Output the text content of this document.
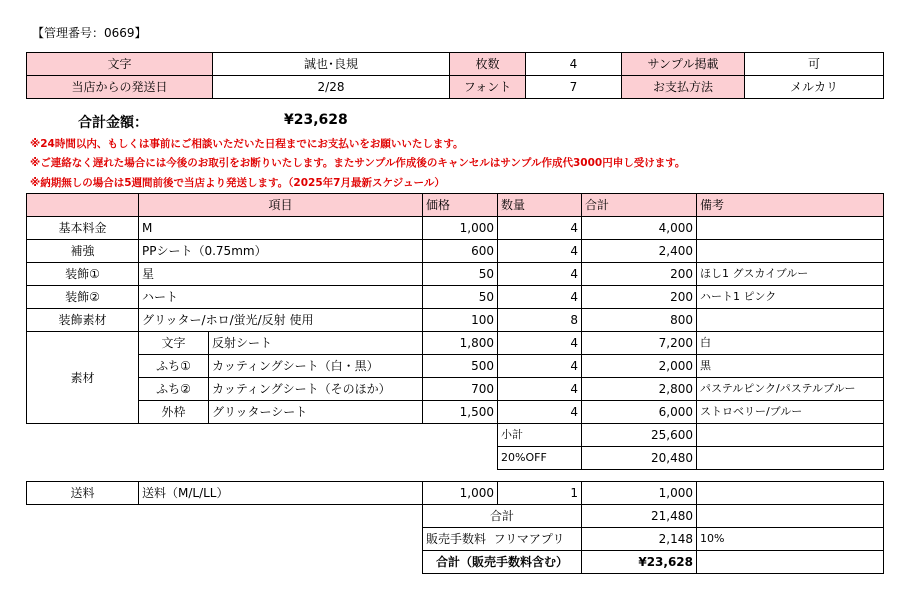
【管理番号：0669】
文字	誠也･良規	枚数	4	サンプル掲載	可
当店からの発送日	2/28	フォント	7	お支払方法	メルカリ
合計金額：	¥23,628
※24時間以内、もしくは事前にご相談いただいた日程までにお支払いをお願いいたします。
※ご連絡なく遅れた場合には今後のお取引をお断りいたします。またサンプル作成後のキャンセルはサンプル作成代3000円申し受けます。
※納期無しの場合は5週間前後で当店より発送します。（2025年7月最新スケジュール）
	項目		価格	数量	合計	備考
基本料金	M		1,000	4	4,000	
補強	PPシート（0.75mm）		600	4	2,400	
装飾①	星		50	4	200	ほし1 グスカイブルー
装飾②	ハート		50	4	200	ハート1 ピンク
装飾素材	グリッター/ホロ/蛍光/反射 使用		100	8	800	
素材	文字	反射シート	1,800	4	7,200	白
	ふち①	カッティングシート（白・黒）	500	4	2,000	黒
	ふち②	カッティングシート（そのほか）	700	4	2,800	パステルピンク/パステルブルー
	外枠	グリッターシート	1,500	4	6,000	ストロベリー/ブルー
				小計	25,600	
				20%OFF	20,480	
送料	送料（M/L/LL）	1,000	1	1,000	
		合計		21,480	
		販売手数料 フリマアプリ		2,148	10%
		合計（販売手数料含む）		¥23,628	
